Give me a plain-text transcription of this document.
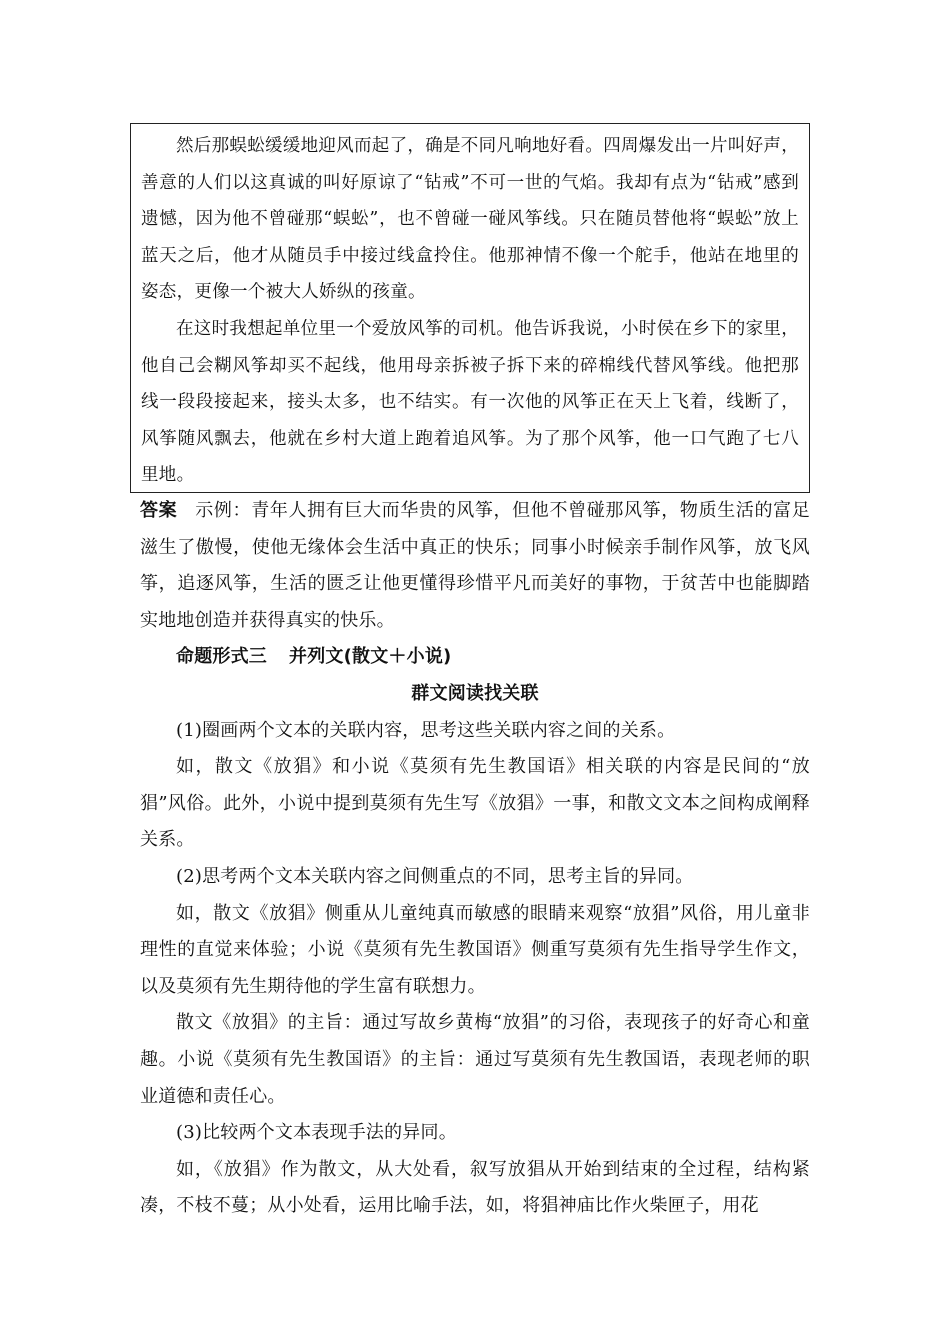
然后那蜈蚣缓缓地迎风而起了，确是不同凡响地好看。四周爆发出一片叫好声，善意的人们以这真诚的叫好原谅了“钻戒”不可一世的气焰。我却有点为“钻戒”感到遗憾，因为他不曾碰那“蜈蚣”，也不曾碰一碰风筝线。只在随员替他将“蜈蚣”放上蓝天之后，他才从随员手中接过线盒拎住。他那神情不像一个舵手，他站在地里的姿态，更像一个被大人娇纵的孩童。

在这时我想起单位里一个爱放风筝的司机。他告诉我说，小时侯在乡下的家里，他自己会糊风筝却买不起线，他用母亲拆被子拆下来的碎棉线代替风筝线。他把那线一段段接起来，接头太多，也不结实。有一次他的风筝正在天上飞着，线断了，风筝随风飘去，他就在乡村大道上跑着追风筝。为了那个风筝，他一口气跑了七八里地。

答案 示例：青年人拥有巨大而华贵的风筝，但他不曾碰那风筝，物质生活的富足滋生了傲慢，使他无缘体会生活中真正的快乐；同事小时候亲手制作风筝，放飞风筝，追逐风筝，生活的匮乏让他更懂得珍惜平凡而美好的事物，于贫苦中也能脚踏实地地创造并获得真实的快乐。

命题形式三 并列文(散文＋小说)

群文阅读找关联

(1)圈画两个文本的关联内容，思考这些关联内容之间的关系。

如，散文《放猖》和小说《莫须有先生教国语》相关联的内容是民间的“放猖”风俗。此外，小说中提到莫须有先生写《放猖》一事，和散文文本之间构成阐释关系。

(2)思考两个文本关联内容之间侧重点的不同，思考主旨的异同。

如，散文《放猖》侧重从儿童纯真而敏感的眼睛来观察“放猖”风俗，用儿童非理性的直觉来体验；小说《莫须有先生教国语》侧重写莫须有先生指导学生作文，以及莫须有先生期待他的学生富有联想力。

散文《放猖》的主旨：通过写故乡黄梅“放猖”的习俗，表现孩子的好奇心和童趣。小说《莫须有先生教国语》的主旨：通过写莫须有先生教国语，表现老师的职业道德和责任心。

(3)比较两个文本表现手法的异同。

如，《放猖》作为散文，从大处看，叙写放猖从开始到结束的全过程，结构紧凑，不枝不蔓；从小处看，运用比喻手法，如，将猖神庙比作火柴匣子，用花
